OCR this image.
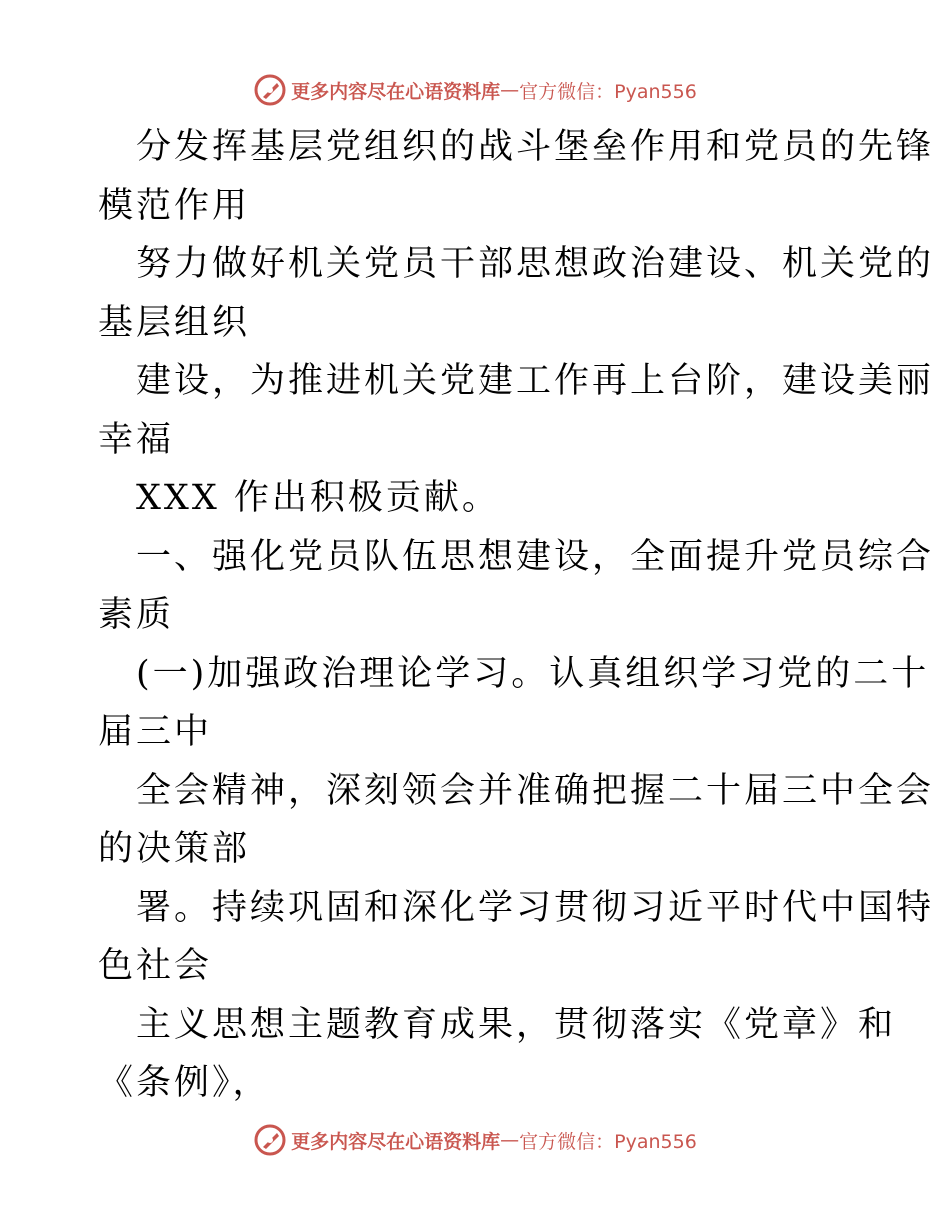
更多内容尽在心语资料库 — 官方微信：Pyan556
分发挥基层党组织的战斗堡垒作用和党员的先锋
模范作用
努力做好机关党员干部思想政治建设、机关党的
基层组织
建设，为推进机关党建工作再上台阶，建设美丽
幸福
XXX 作出积极贡献。
一、强化党员队伍思想建设，全面提升党员综合
素质
(一)加强政治理论学习。认真组织学习党的二十
届三中
全会精神，深刻领会并准确把握二十届三中全会
的决策部
署。持续巩固和深化学习贯彻习近平时代中国特
色社会
主义思想主题教育成果，贯彻落实《党章》和
《条例》，
更多内容尽在心语资料库 — 官方微信：Pyan556
